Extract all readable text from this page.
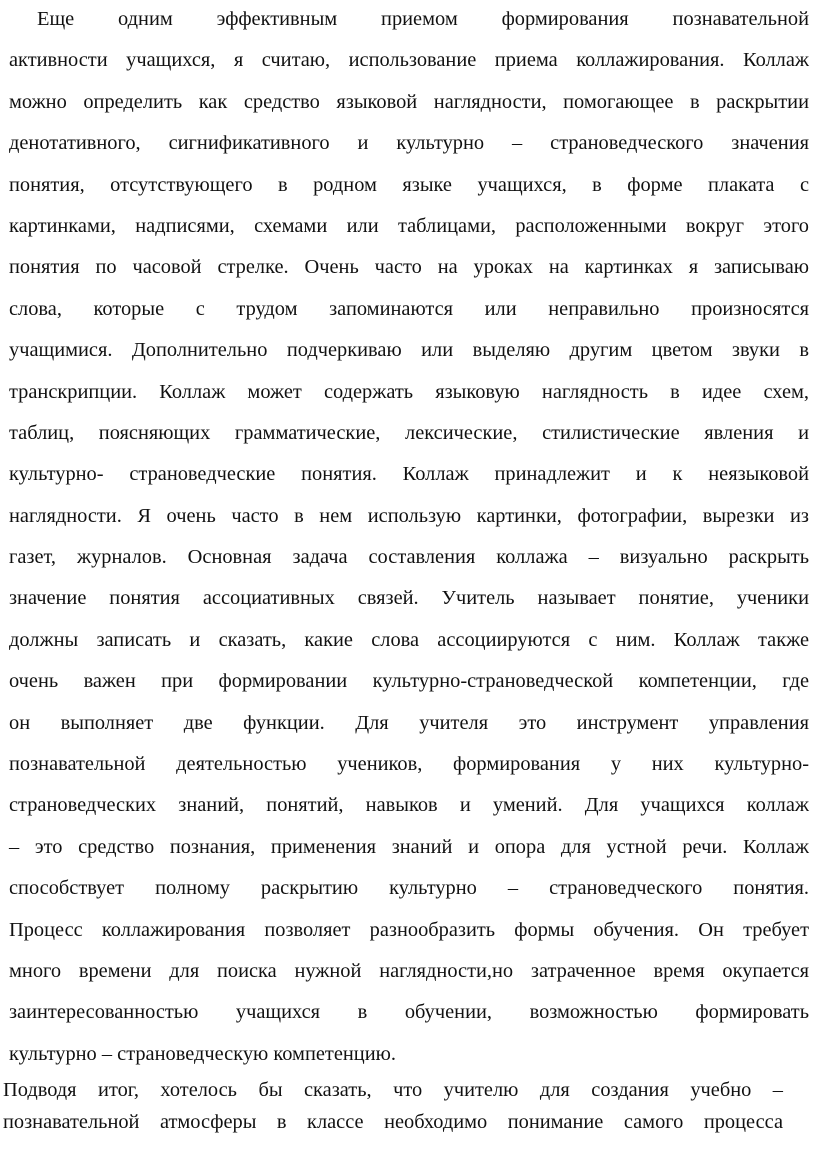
Еще одним эффективным приемом формирования познавательной
активности учащихся, я считаю, использование приема коллажирования. Коллаж
можно определить как средство языковой наглядности, помогающее в раскрытии
денотативного, сигнификативного и культурно – страноведческого значения
понятия, отсутствующего в родном языке учащихся, в форме плаката с
картинками, надписями, схемами или таблицами, расположенными вокруг этого
понятия по часовой стрелке. Очень часто на уроках на картинках я записываю
слова, которые с трудом запоминаются или неправильно произносятся
учащимися. Дополнительно подчеркиваю или выделяю другим цветом звуки в
транскрипции. Коллаж может содержать языковую наглядность в идее схем,
таблиц, поясняющих грамматические, лексические, стилистические явления и
культурно- страноведческие понятия. Коллаж принадлежит и к неязыковой
наглядности. Я очень часто в нем использую картинки, фотографии, вырезки из
газет, журналов. Основная задача составления коллажа – визуально раскрыть
значение понятия ассоциативных связей. Учитель называет понятие, ученики
должны записать и сказать, какие слова ассоциируются с ним. Коллаж также
очень важен при формировании культурно-страноведческой компетенции, где
он выполняет две функции. Для учителя это инструмент управления
познавательной деятельностью учеников, формирования у них культурно-
страноведческих знаний, понятий, навыков и умений. Для учащихся коллаж
– это средство познания, применения знаний и опора для устной речи. Коллаж
способствует полному раскрытию культурно – страноведческого понятия.
Процесс коллажирования позволяет разнообразить формы обучения. Он требует
много времени для поиска нужной наглядности,но затраченное время окупается
заинтересованностью учащихся в обучении, возможностью формировать
культурно – страноведческую компетенцию.

Подводя итог, хотелось бы сказать, что учителю для создания учебно –
познавательной атмосферы в классе необходимо понимание самого процесса
